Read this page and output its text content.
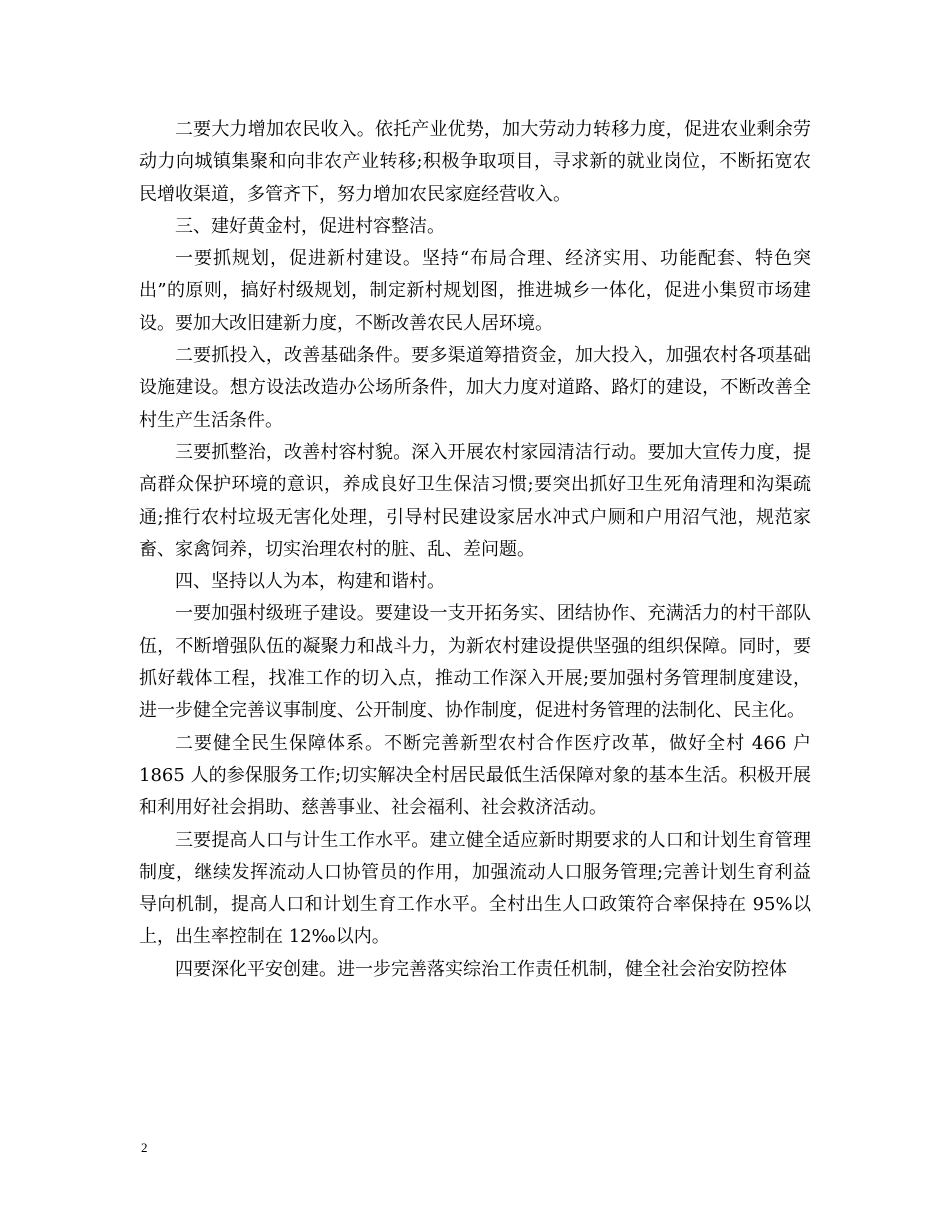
二要大力增加农民收入。依托产业优势，加大劳动力转移力度，促进农业剩余劳动力向城镇集聚和向非农产业转移;积极争取项目，寻求新的就业岗位，不断拓宽农民增收渠道，多管齐下，努力增加农民家庭经营收入。

三、建好黄金村，促进村容整洁。

一要抓规划，促进新村建设。坚持“布局合理、经济实用、功能配套、特色突出”的原则，搞好村级规划，制定新村规划图，推进城乡一体化，促进小集贸市场建设。要加大改旧建新力度，不断改善农民人居环境。

二要抓投入，改善基础条件。要多渠道筹措资金，加大投入，加强农村各项基础设施建设。想方设法改造办公场所条件，加大力度对道路、路灯的建设，不断改善全村生产生活条件。

三要抓整治，改善村容村貌。深入开展农村家园清洁行动。要加大宣传力度，提高群众保护环境的意识，养成良好卫生保洁习惯;要突出抓好卫生死角清理和沟渠疏通;推行农村垃圾无害化处理，引导村民建设家居水冲式户厕和户用沼气池，规范家畜、家禽饲养，切实治理农村的脏、乱、差问题。

四、坚持以人为本，构建和谐村。

一要加强村级班子建设。要建设一支开拓务实、团结协作、充满活力的村干部队伍，不断增强队伍的凝聚力和战斗力，为新农村建设提供坚强的组织保障。同时，要抓好载体工程，找准工作的切入点，推动工作深入开展;要加强村务管理制度建设，进一步健全完善议事制度、公开制度、协作制度，促进村务管理的法制化、民主化。

二要健全民生保障体系。不断完善新型农村合作医疗改革，做好全村 466 户 1865 人的参保服务工作;切实解决全村居民最低生活保障对象的基本生活。积极开展和利用好社会捐助、慈善事业、社会福利、社会救济活动。

三要提高人口与计生工作水平。建立健全适应新时期要求的人口和计划生育管理制度，继续发挥流动人口协管员的作用，加强流动人口服务管理;完善计划生育利益导向机制，提高人口和计划生育工作水平。全村出生人口政策符合率保持在 95%以上，出生率控制在 12‰以内。

四要深化平安创建。进一步完善落实综治工作责任机制，健全社会治安防控体

2
